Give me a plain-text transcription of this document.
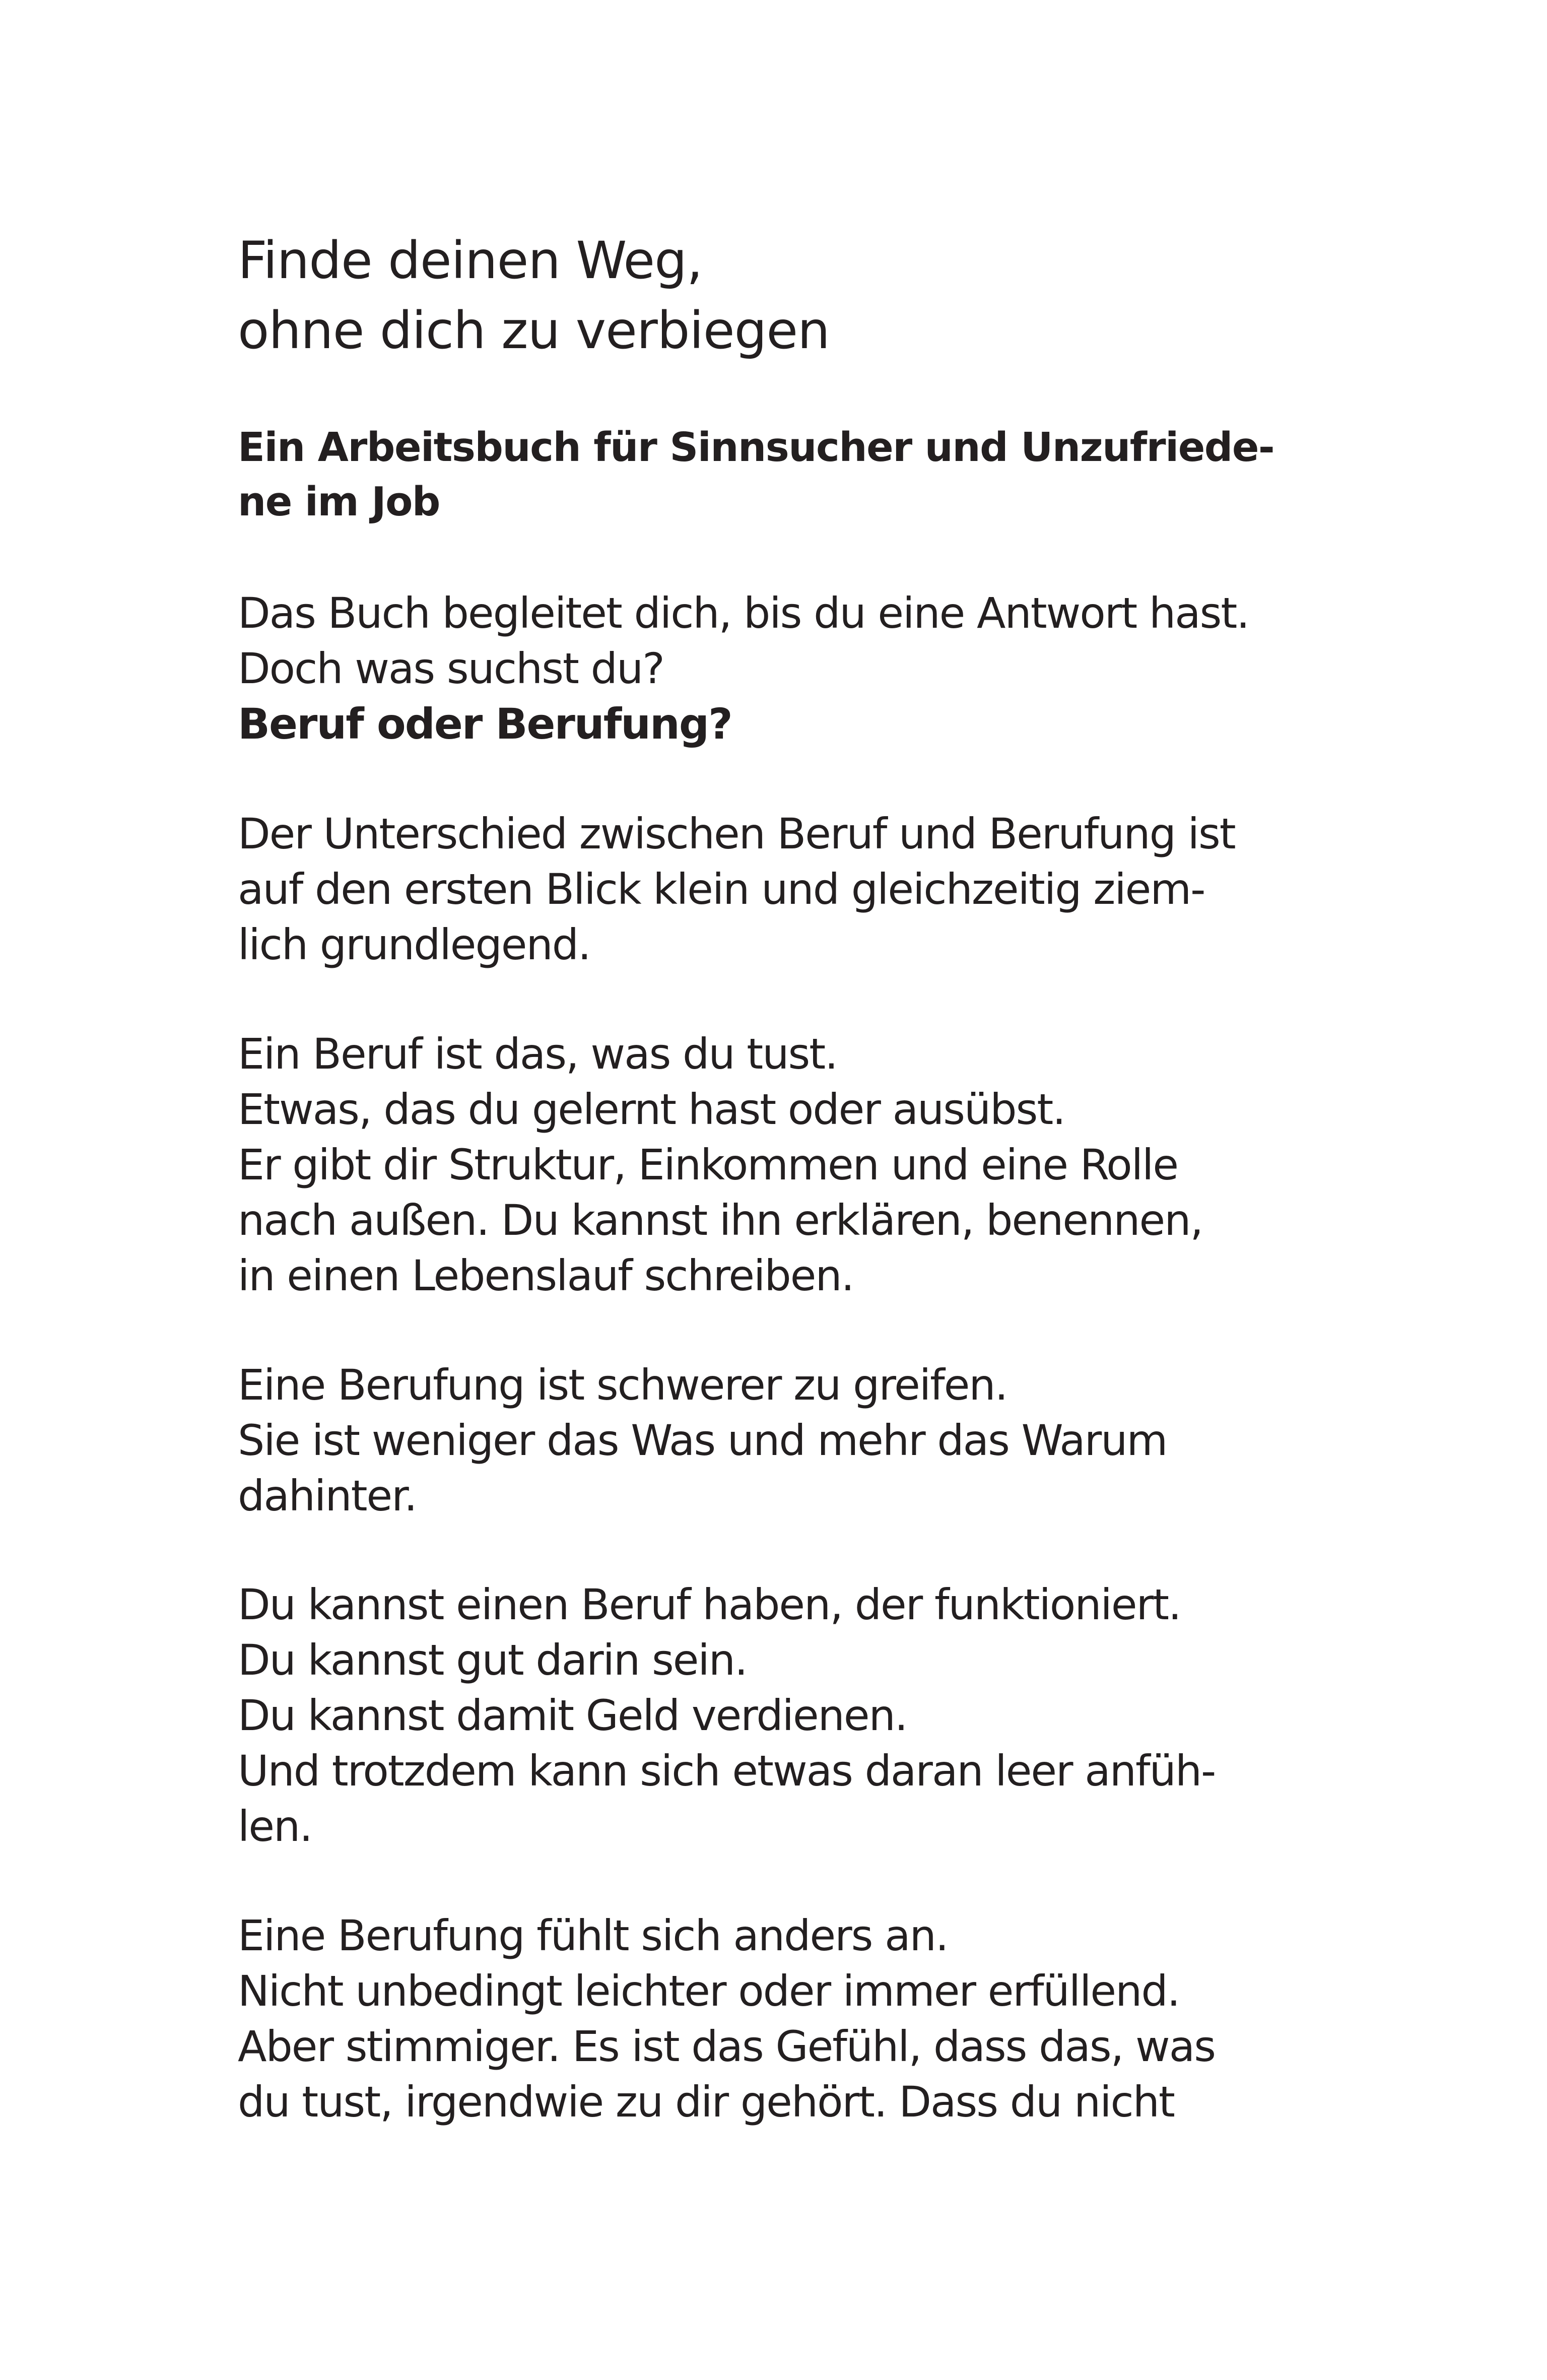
Finde deinen Weg,
ohne dich zu verbiegen
Ein Arbeitsbuch für Sinnsucher und Unzufriede-
ne im Job

Das Buch begleitet dich, bis du eine Antwort hast.
Doch was suchst du?
Beruf oder Berufung?

Der Unterschied zwischen Beruf und Berufung ist
auf den ersten Blick klein und gleichzeitig ziem-
lich grundlegend.

Ein Beruf ist das, was du tust.
Etwas, das du gelernt hast oder ausübst.
Er gibt dir Struktur, Einkommen und eine Rolle
nach außen. Du kannst ihn erklären, benennen,
in einen Lebenslauf schreiben.

Eine Berufung ist schwerer zu greifen.
Sie ist weniger das Was und mehr das Warum
dahinter.

Du kannst einen Beruf haben, der funktioniert.
Du kannst gut darin sein.
Du kannst damit Geld verdienen.
Und trotzdem kann sich etwas daran leer anfüh-
len.

Eine Berufung fühlt sich anders an.
Nicht unbedingt leichter oder immer erfüllend.
Aber stimmiger. Es ist das Gefühl, dass das, was
du tust, irgendwie zu dir gehört. Dass du nicht
